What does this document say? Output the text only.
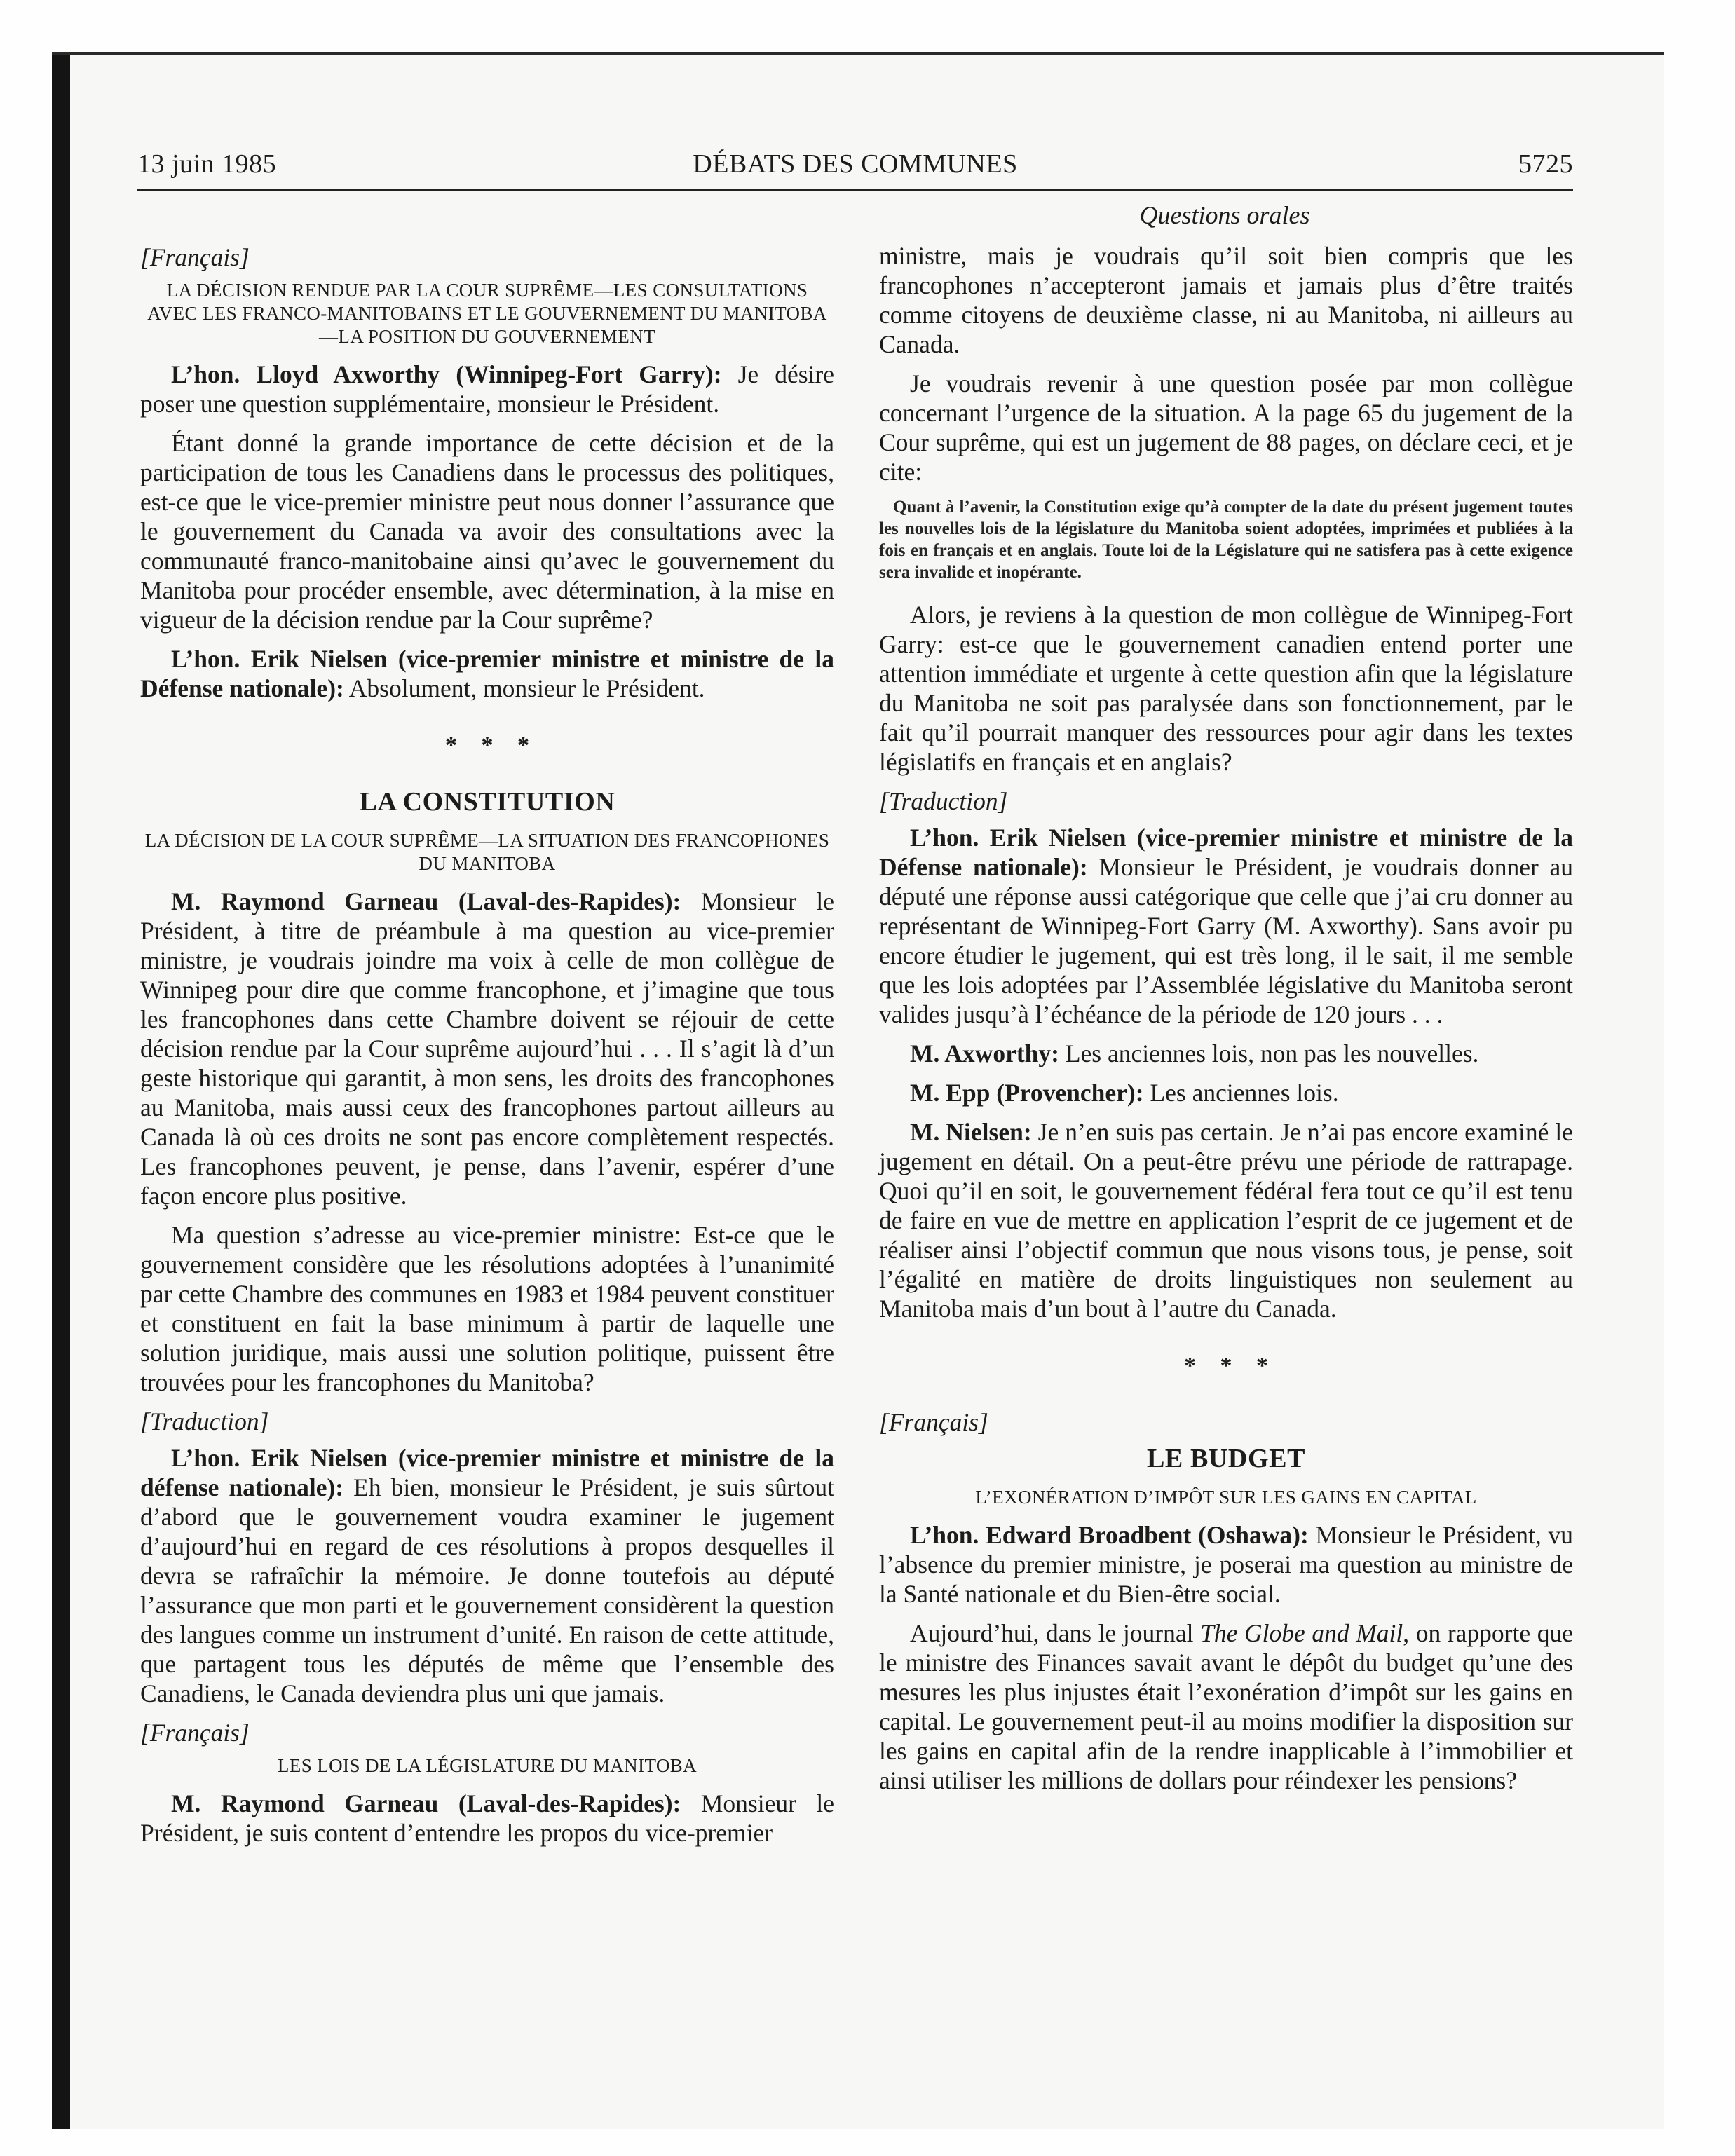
13 juin 1985	DÉBATS DES COMMUNES	5725
Questions orales

[Français]

LA DÉCISION RENDUE PAR LA COUR SUPRÊME—LES CONSULTATIONS AVEC LES FRANCO-MANITOBAINS ET LE GOUVERNEMENT DU MANITOBA—LA POSITION DU GOUVERNEMENT

L’hon. Lloyd Axworthy (Winnipeg-Fort Garry): Je désire poser une question supplémentaire, monsieur le Président.

Étant donné la grande importance de cette décision et de la participation de tous les Canadiens dans le processus des politiques, est-ce que le vice-premier ministre peut nous donner l’assurance que le gouvernement du Canada va avoir des consultations avec la communauté franco-manitobaine ainsi qu’avec le gouvernement du Manitoba pour procéder ensemble, avec détermination, à la mise en vigueur de la décision rendue par la Cour suprême?

L’hon. Erik Nielsen (vice-premier ministre et ministre de la Défense nationale): Absolument, monsieur le Président.

* * *

LA CONSTITUTION

LA DÉCISION DE LA COUR SUPRÊME—LA SITUATION DES FRANCOPHONES DU MANITOBA

M. Raymond Garneau (Laval-des-Rapides): Monsieur le Président, à titre de préambule à ma question au vice-premier ministre, je voudrais joindre ma voix à celle de mon collègue de Winnipeg pour dire que comme francophone, et j’imagine que tous les francophones dans cette Chambre doivent se réjouir de cette décision rendue par la Cour suprême aujourd’hui . . . Il s’agit là d’un geste historique qui garantit, à mon sens, les droits des francophones au Manitoba, mais aussi ceux des francophones partout ailleurs au Canada là où ces droits ne sont pas encore complètement respectés. Les francophones peuvent, je pense, dans l’avenir, espérer d’une façon encore plus positive.

Ma question s’adresse au vice-premier ministre: Est-ce que le gouvernement considère que les résolutions adoptées à l’unanimité par cette Chambre des communes en 1983 et 1984 peuvent constituer et constituent en fait la base minimum à partir de laquelle une solution juridique, mais aussi une solution politique, puissent être trouvées pour les francophones du Manitoba?

[Traduction]

L’hon. Erik Nielsen (vice-premier ministre et ministre de la défense nationale): Eh bien, monsieur le Président, je suis sûrtout d’abord que le gouvernement voudra examiner le jugement d’aujourd’hui en regard de ces résolutions à propos desquelles il devra se rafraîchir la mémoire. Je donne toutefois au député l’assurance que mon parti et le gouvernement considèrent la question des langues comme un instrument d’unité. En raison de cette attitude, que partagent tous les députés de même que l’ensemble des Canadiens, le Canada deviendra plus uni que jamais.

[Français]

LES LOIS DE LA LÉGISLATURE DU MANITOBA

M. Raymond Garneau (Laval-des-Rapides): Monsieur le Président, je suis content d’entendre les propos du vice-premier

ministre, mais je voudrais qu’il soit bien compris que les francophones n’accepteront jamais et jamais plus d’être traités comme citoyens de deuxième classe, ni au Manitoba, ni ailleurs au Canada.

Je voudrais revenir à une question posée par mon collègue concernant l’urgence de la situation. A la page 65 du jugement de la Cour suprême, qui est un jugement de 88 pages, on déclare ceci, et je cite:

Quant à l’avenir, la Constitution exige qu’à compter de la date du présent jugement toutes les nouvelles lois de la législature du Manitoba soient adoptées, imprimées et publiées à la fois en français et en anglais. Toute loi de la Législature qui ne satisfera pas à cette exigence sera invalide et inopérante.

Alors, je reviens à la question de mon collègue de Winnipeg-Fort Garry: est-ce que le gouvernement canadien entend porter une attention immédiate et urgente à cette question afin que la législature du Manitoba ne soit pas paralysée dans son fonctionnement, par le fait qu’il pourrait manquer des ressources pour agir dans les textes législatifs en français et en anglais?

[Traduction]

L’hon. Erik Nielsen (vice-premier ministre et ministre de la Défense nationale): Monsieur le Président, je voudrais donner au député une réponse aussi catégorique que celle que j’ai cru donner au représentant de Winnipeg-Fort Garry (M. Axworthy). Sans avoir pu encore étudier le jugement, qui est très long, il le sait, il me semble que les lois adoptées par l’Assemblée législative du Manitoba seront valides jusqu’à l’échéance de la période de 120 jours . . .

M. Axworthy: Les anciennes lois, non pas les nouvelles.

M. Epp (Provencher): Les anciennes lois.

M. Nielsen: Je n’en suis pas certain. Je n’ai pas encore examiné le jugement en détail. On a peut-être prévu une période de rattrapage. Quoi qu’il en soit, le gouvernement fédéral fera tout ce qu’il est tenu de faire en vue de mettre en application l’esprit de ce jugement et de réaliser ainsi l’objectif commun que nous visons tous, je pense, soit l’égalité en matière de droits linguistiques non seulement au Manitoba mais d’un bout à l’autre du Canada.

* * *

[Français]

LE BUDGET

L’EXONÉRATION D’IMPÔT SUR LES GAINS EN CAPITAL

L’hon. Edward Broadbent (Oshawa): Monsieur le Président, vu l’absence du premier ministre, je poserai ma question au ministre de la Santé nationale et du Bien-être social.

Aujourd’hui, dans le journal The Globe and Mail, on rapporte que le ministre des Finances savait avant le dépôt du budget qu’une des mesures les plus injustes était l’exonération d’impôt sur les gains en capital. Le gouvernement peut-il au moins modifier la disposition sur les gains en capital afin de la rendre inapplicable à l’immobilier et ainsi utiliser les millions de dollars pour réindexer les pensions?
